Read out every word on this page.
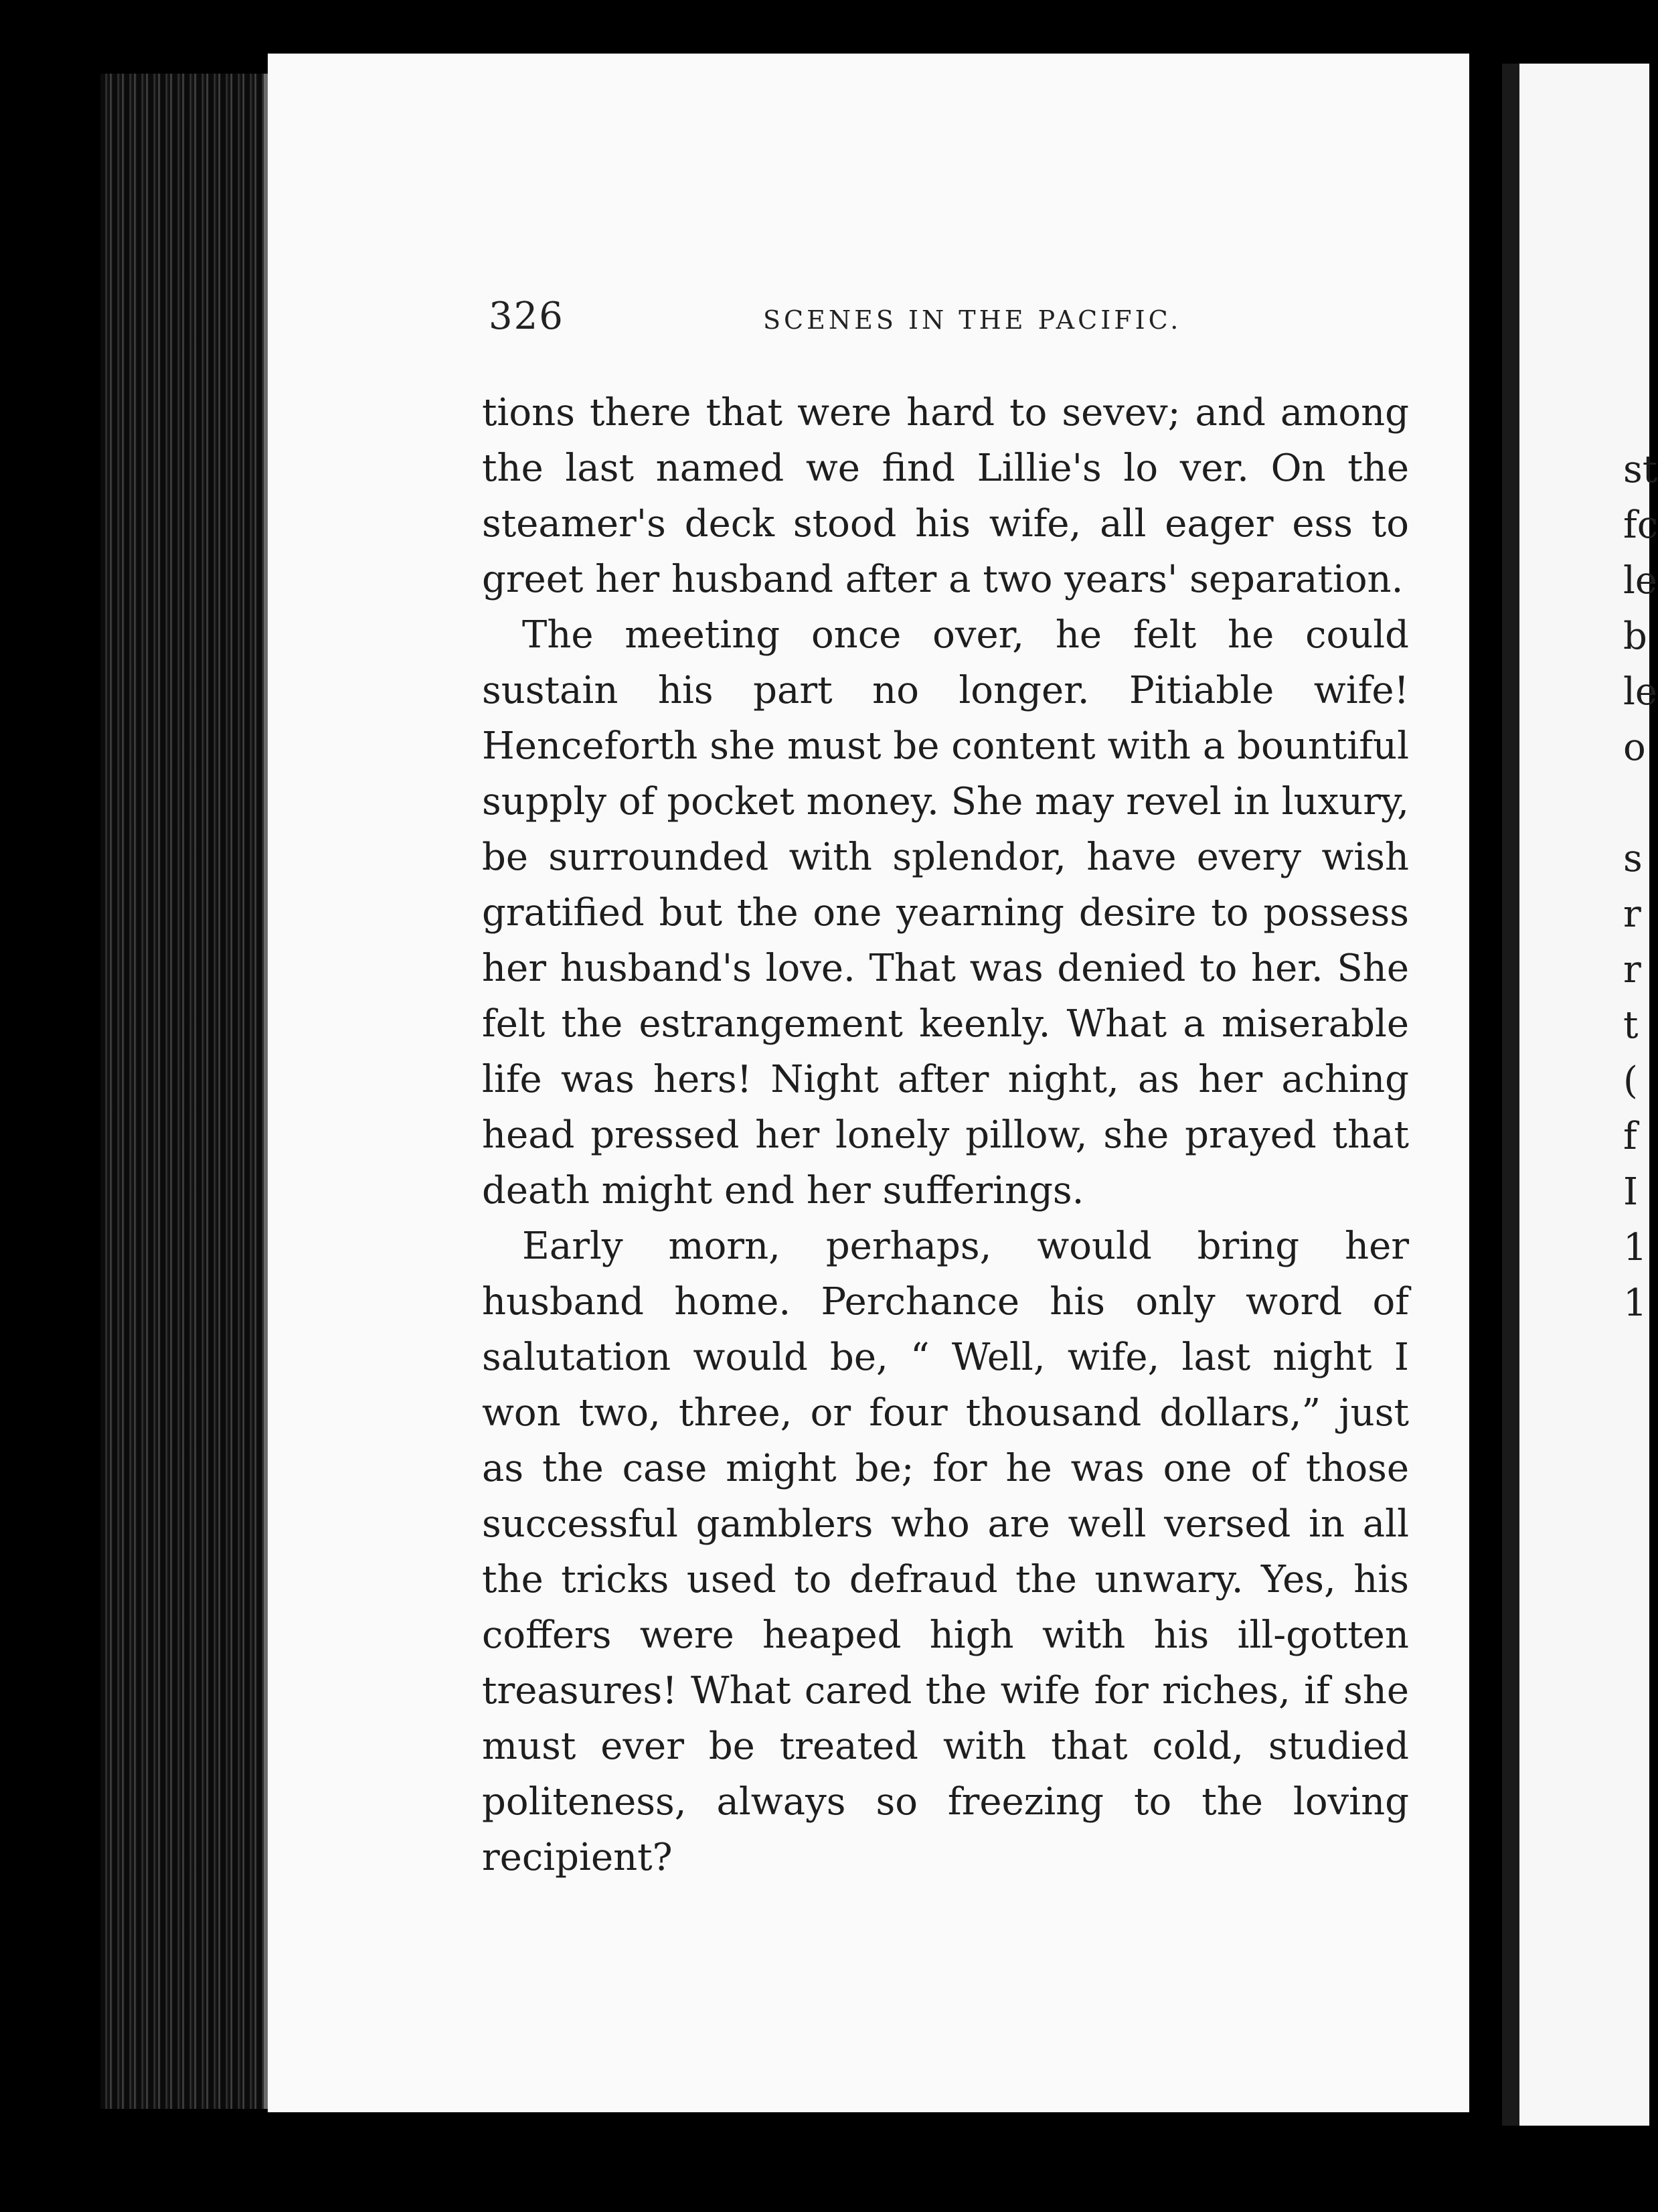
326	SCENES IN THE PACIFIC.

tions there that were hard to sevev; and among the last named we find Lillie's lo ver. On the steamer's deck stood his wife, all eager ess to greet her husband after a two years' separation.

The meeting once over, he felt he could sustain his part no longer. Pitiable wife! Henceforth she must be content with a bountiful supply of pocket money. She may revel in luxury, be surrounded with splendor, have every wish gratified but the one yearning desire to possess her husband's love. That was denied to her. She felt the estrangement keenly. What a miserable life was hers! Night after night, as her aching head pressed her lonely pillow, she prayed that death might end her sufferings.

Early morn, perhaps, would bring her husband home. Perchance his only word of salutation would be, “ Well, wife, last night I won two, three, or four thousand dollars,” just as the case might be; for he was one of those successful gamblers who are well versed in all the tricks used to defraud the unwary. Yes, his coffers were heaped high with his ill-gotten treasures! What cared the wife for riches, if she must ever be treated with that cold, studied politeness, always so freezing to the loving recipient?

st
fc
le
b
le
o
s
r
r
t
(
f
I
1
1
